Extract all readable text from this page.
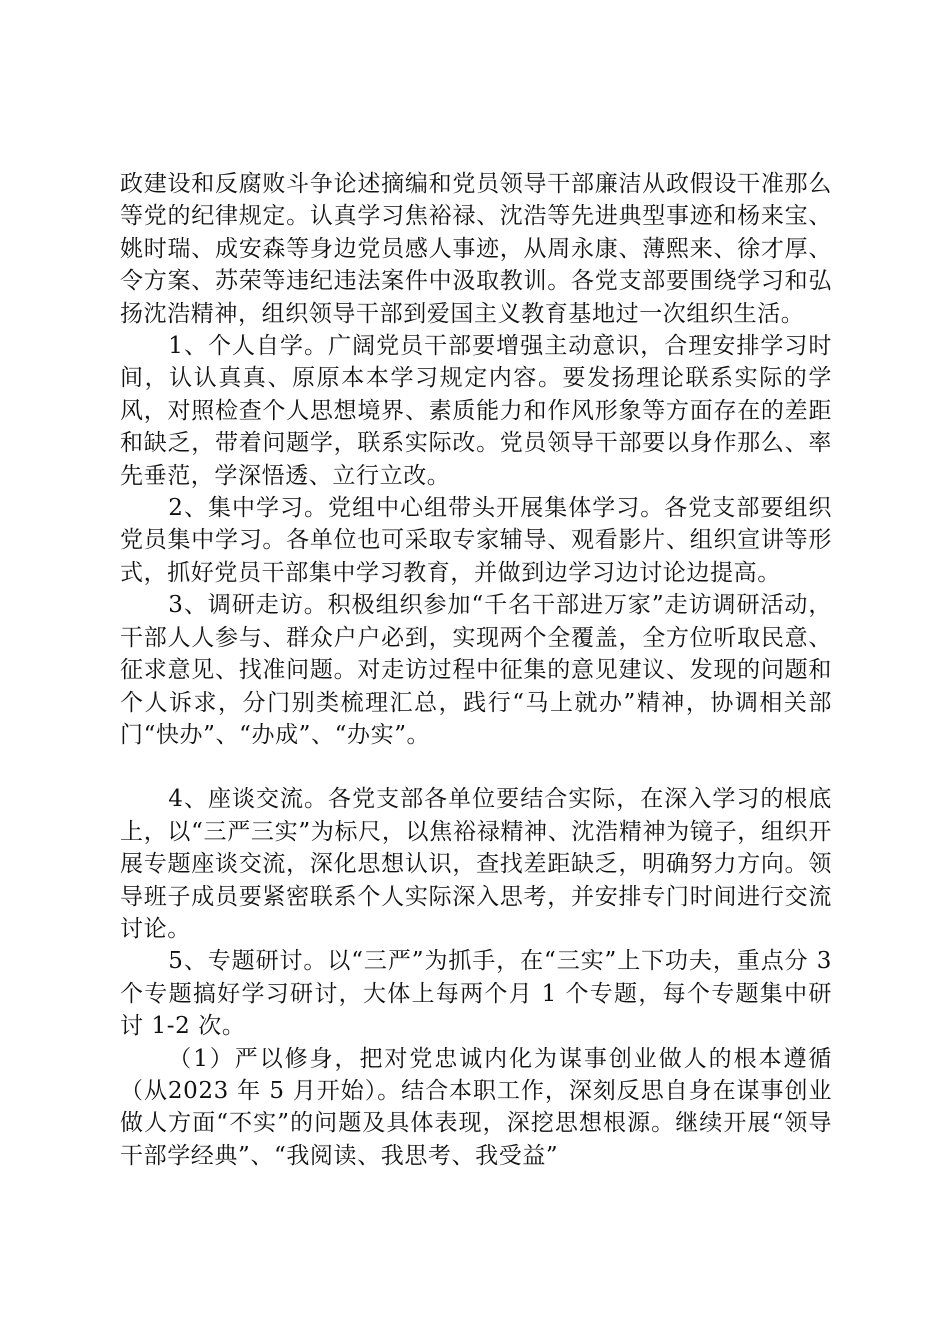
政建设和反腐败斗争论述摘编和党员领导干部廉洁从政假设干准那么等党的纪律规定。认真学习焦裕禄、沈浩等先进典型事迹和杨来宝、姚时瑞、成安森等身边党员感人事迹，从周永康、薄熙来、徐才厚、令方案、苏荣等违纪违法案件中汲取教训。各党支部要围绕学习和弘扬沈浩精神，组织领导干部到爱国主义教育基地过一次组织生活。

1、个人自学。广阔党员干部要增强主动意识，合理安排学习时间，认认真真、原原本本学习规定内容。要发扬理论联系实际的学风，对照检查个人思想境界、素质能力和作风形象等方面存在的差距和缺乏，带着问题学，联系实际改。党员领导干部要以身作那么、率先垂范，学深悟透、立行立改。

2、集中学习。党组中心组带头开展集体学习。各党支部要组织党员集中学习。各单位也可采取专家辅导、观看影片、组织宣讲等形式，抓好党员干部集中学习教育，并做到边学习边讨论边提高。

3、调研走访。积极组织参加“千名干部进万家”走访调研活动，干部人人参与、群众户户必到，实现两个全覆盖，全方位听取民意、征求意见、找准问题。对走访过程中征集的意见建议、发现的问题和个人诉求，分门别类梳理汇总，践行“马上就办”精神，协调相关部门“快办”、“办成”、“办实”。

4、座谈交流。各党支部各单位要结合实际，在深入学习的根底上，以“三严三实”为标尺，以焦裕禄精神、沈浩精神为镜子，组织开展专题座谈交流，深化思想认识，查找差距缺乏，明确努力方向。领导班子成员要紧密联系个人实际深入思考，并安排专门时间进行交流讨论。

5、专题研讨。以“三严”为抓手，在“三实”上下功夫，重点分 3 个专题搞好学习研讨，大体上每两个月 1 个专题，每个专题集中研讨 1-2 次。

（1）严以修身，把对党忠诚内化为谋事创业做人的根本遵循（从2023 年 5 月开始）。结合本职工作，深刻反思自身在谋事创业做人方面“不实”的问题及具体表现，深挖思想根源。继续开展“领导干部学经典”、“我阅读、我思考、我受益”
